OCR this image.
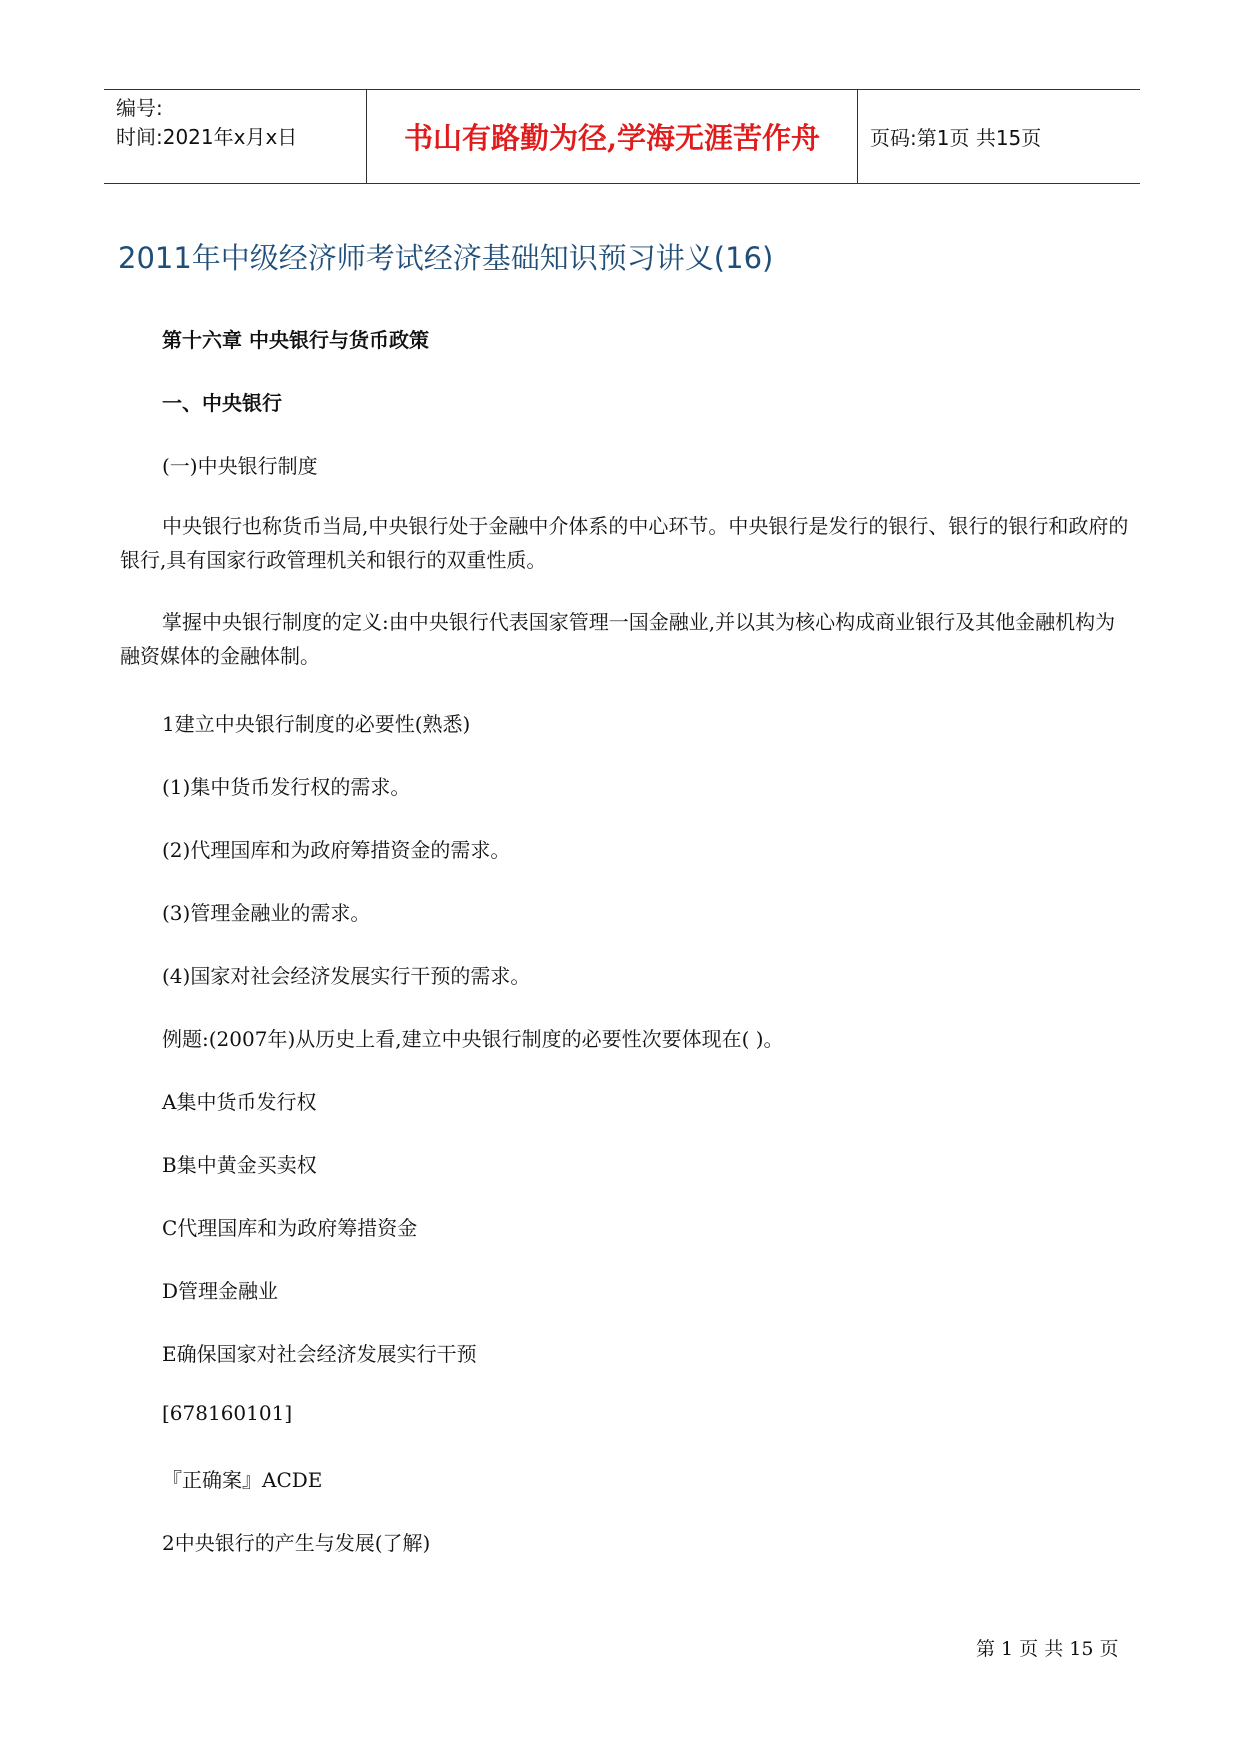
编号:
时间:2021年x月x日	书山有路勤为径,学海无涯苦作舟	页码:第1页 共15页
2011年中级经济师考试经济基础知识预习讲义(16)
第十六章 中央银行与货币政策
一、中央银行
(一)中央银行制度
中央银行也称货币当局,中央银行处于金融中介体系的中心环节。中央银行是发行的银行、银行的银行和政府的银行,具有国家行政管理机关和银行的双重性质。
掌握中央银行制度的定义:由中央银行代表国家管理一国金融业,并以其为核心构成商业银行及其他金融机构为融资媒体的金融体制。
1建立中央银行制度的必要性(熟悉)
(1)集中货币发行权的需求。
(2)代理国库和为政府筹措资金的需求。
(3)管理金融业的需求。
(4)国家对社会经济发展实行干预的需求。
例题:(2007年)从历史上看,建立中央银行制度的必要性次要体现在( )。
A集中货币发行权
B集中黄金买卖权
C代理国库和为政府筹措资金
D管理金融业
E确保国家对社会经济发展实行干预
[678160101]
『正确案』ACDE
2中央银行的产生与发展(了解)
第 1 页 共 15 页
